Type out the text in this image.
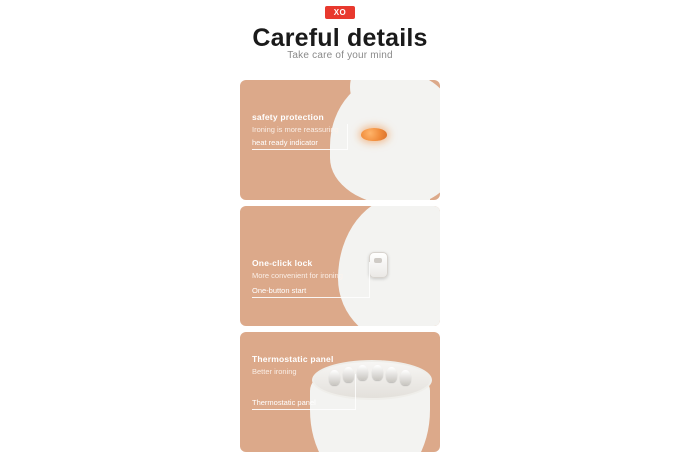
XO
Careful details
Take care of your mind
safety protection
Ironing is more reassuring
heat ready indicator
One-click lock
More convenient for ironing
One-button start
Thermostatic panel
Better ironing
Thermostatic panel
